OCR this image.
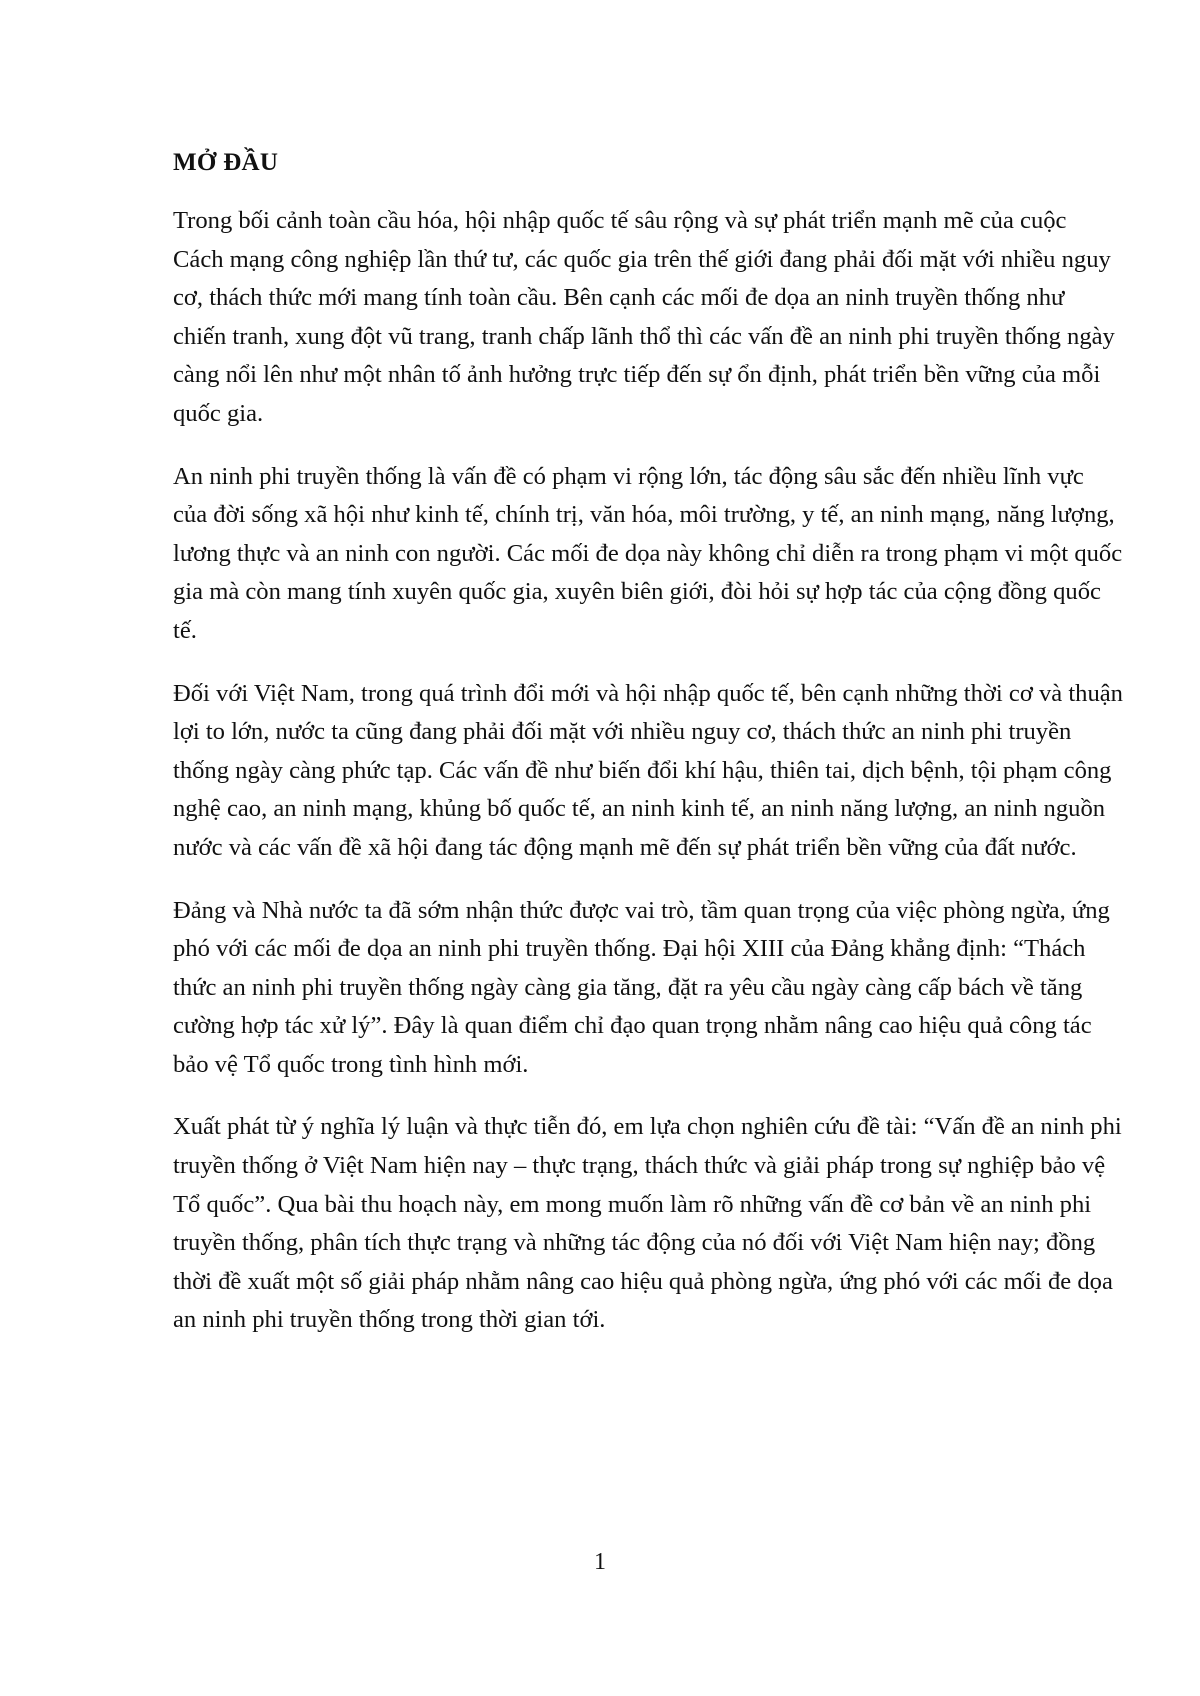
MỞ ĐẦU

Trong bối cảnh toàn cầu hóa, hội nhập quốc tế sâu rộng và sự phát triển mạnh mẽ của cuộc Cách mạng công nghiệp lần thứ tư, các quốc gia trên thế giới đang phải đối mặt với nhiều nguy cơ, thách thức mới mang tính toàn cầu. Bên cạnh các mối đe dọa an ninh truyền thống như chiến tranh, xung đột vũ trang, tranh chấp lãnh thổ thì các vấn đề an ninh phi truyền thống ngày càng nổi lên như một nhân tố ảnh hưởng trực tiếp đến sự ổn định, phát triển bền vững của mỗi quốc gia.

An ninh phi truyền thống là vấn đề có phạm vi rộng lớn, tác động sâu sắc đến nhiều lĩnh vực của đời sống xã hội như kinh tế, chính trị, văn hóa, môi trường, y tế, an ninh mạng, năng lượng, lương thực và an ninh con người. Các mối đe dọa này không chỉ diễn ra trong phạm vi một quốc gia mà còn mang tính xuyên quốc gia, xuyên biên giới, đòi hỏi sự hợp tác của cộng đồng quốc tế.

Đối với Việt Nam, trong quá trình đổi mới và hội nhập quốc tế, bên cạnh những thời cơ và thuận lợi to lớn, nước ta cũng đang phải đối mặt với nhiều nguy cơ, thách thức an ninh phi truyền thống ngày càng phức tạp. Các vấn đề như biến đổi khí hậu, thiên tai, dịch bệnh, tội phạm công nghệ cao, an ninh mạng, khủng bố quốc tế, an ninh kinh tế, an ninh năng lượng, an ninh nguồn nước và các vấn đề xã hội đang tác động mạnh mẽ đến sự phát triển bền vững của đất nước.

Đảng và Nhà nước ta đã sớm nhận thức được vai trò, tầm quan trọng của việc phòng ngừa, ứng phó với các mối đe dọa an ninh phi truyền thống. Đại hội XIII của Đảng khẳng định: “Thách thức an ninh phi truyền thống ngày càng gia tăng, đặt ra yêu cầu ngày càng cấp bách về tăng cường hợp tác xử lý”. Đây là quan điểm chỉ đạo quan trọng nhằm nâng cao hiệu quả công tác bảo vệ Tổ quốc trong tình hình mới.

Xuất phát từ ý nghĩa lý luận và thực tiễn đó, em lựa chọn nghiên cứu đề tài: “Vấn đề an ninh phi truyền thống ở Việt Nam hiện nay – thực trạng, thách thức và giải pháp trong sự nghiệp bảo vệ Tổ quốc”. Qua bài thu hoạch này, em mong muốn làm rõ những vấn đề cơ bản về an ninh phi truyền thống, phân tích thực trạng và những tác động của nó đối với Việt Nam hiện nay; đồng thời đề xuất một số giải pháp nhằm nâng cao hiệu quả phòng ngừa, ứng phó với các mối đe dọa an ninh phi truyền thống trong thời gian tới.

1
